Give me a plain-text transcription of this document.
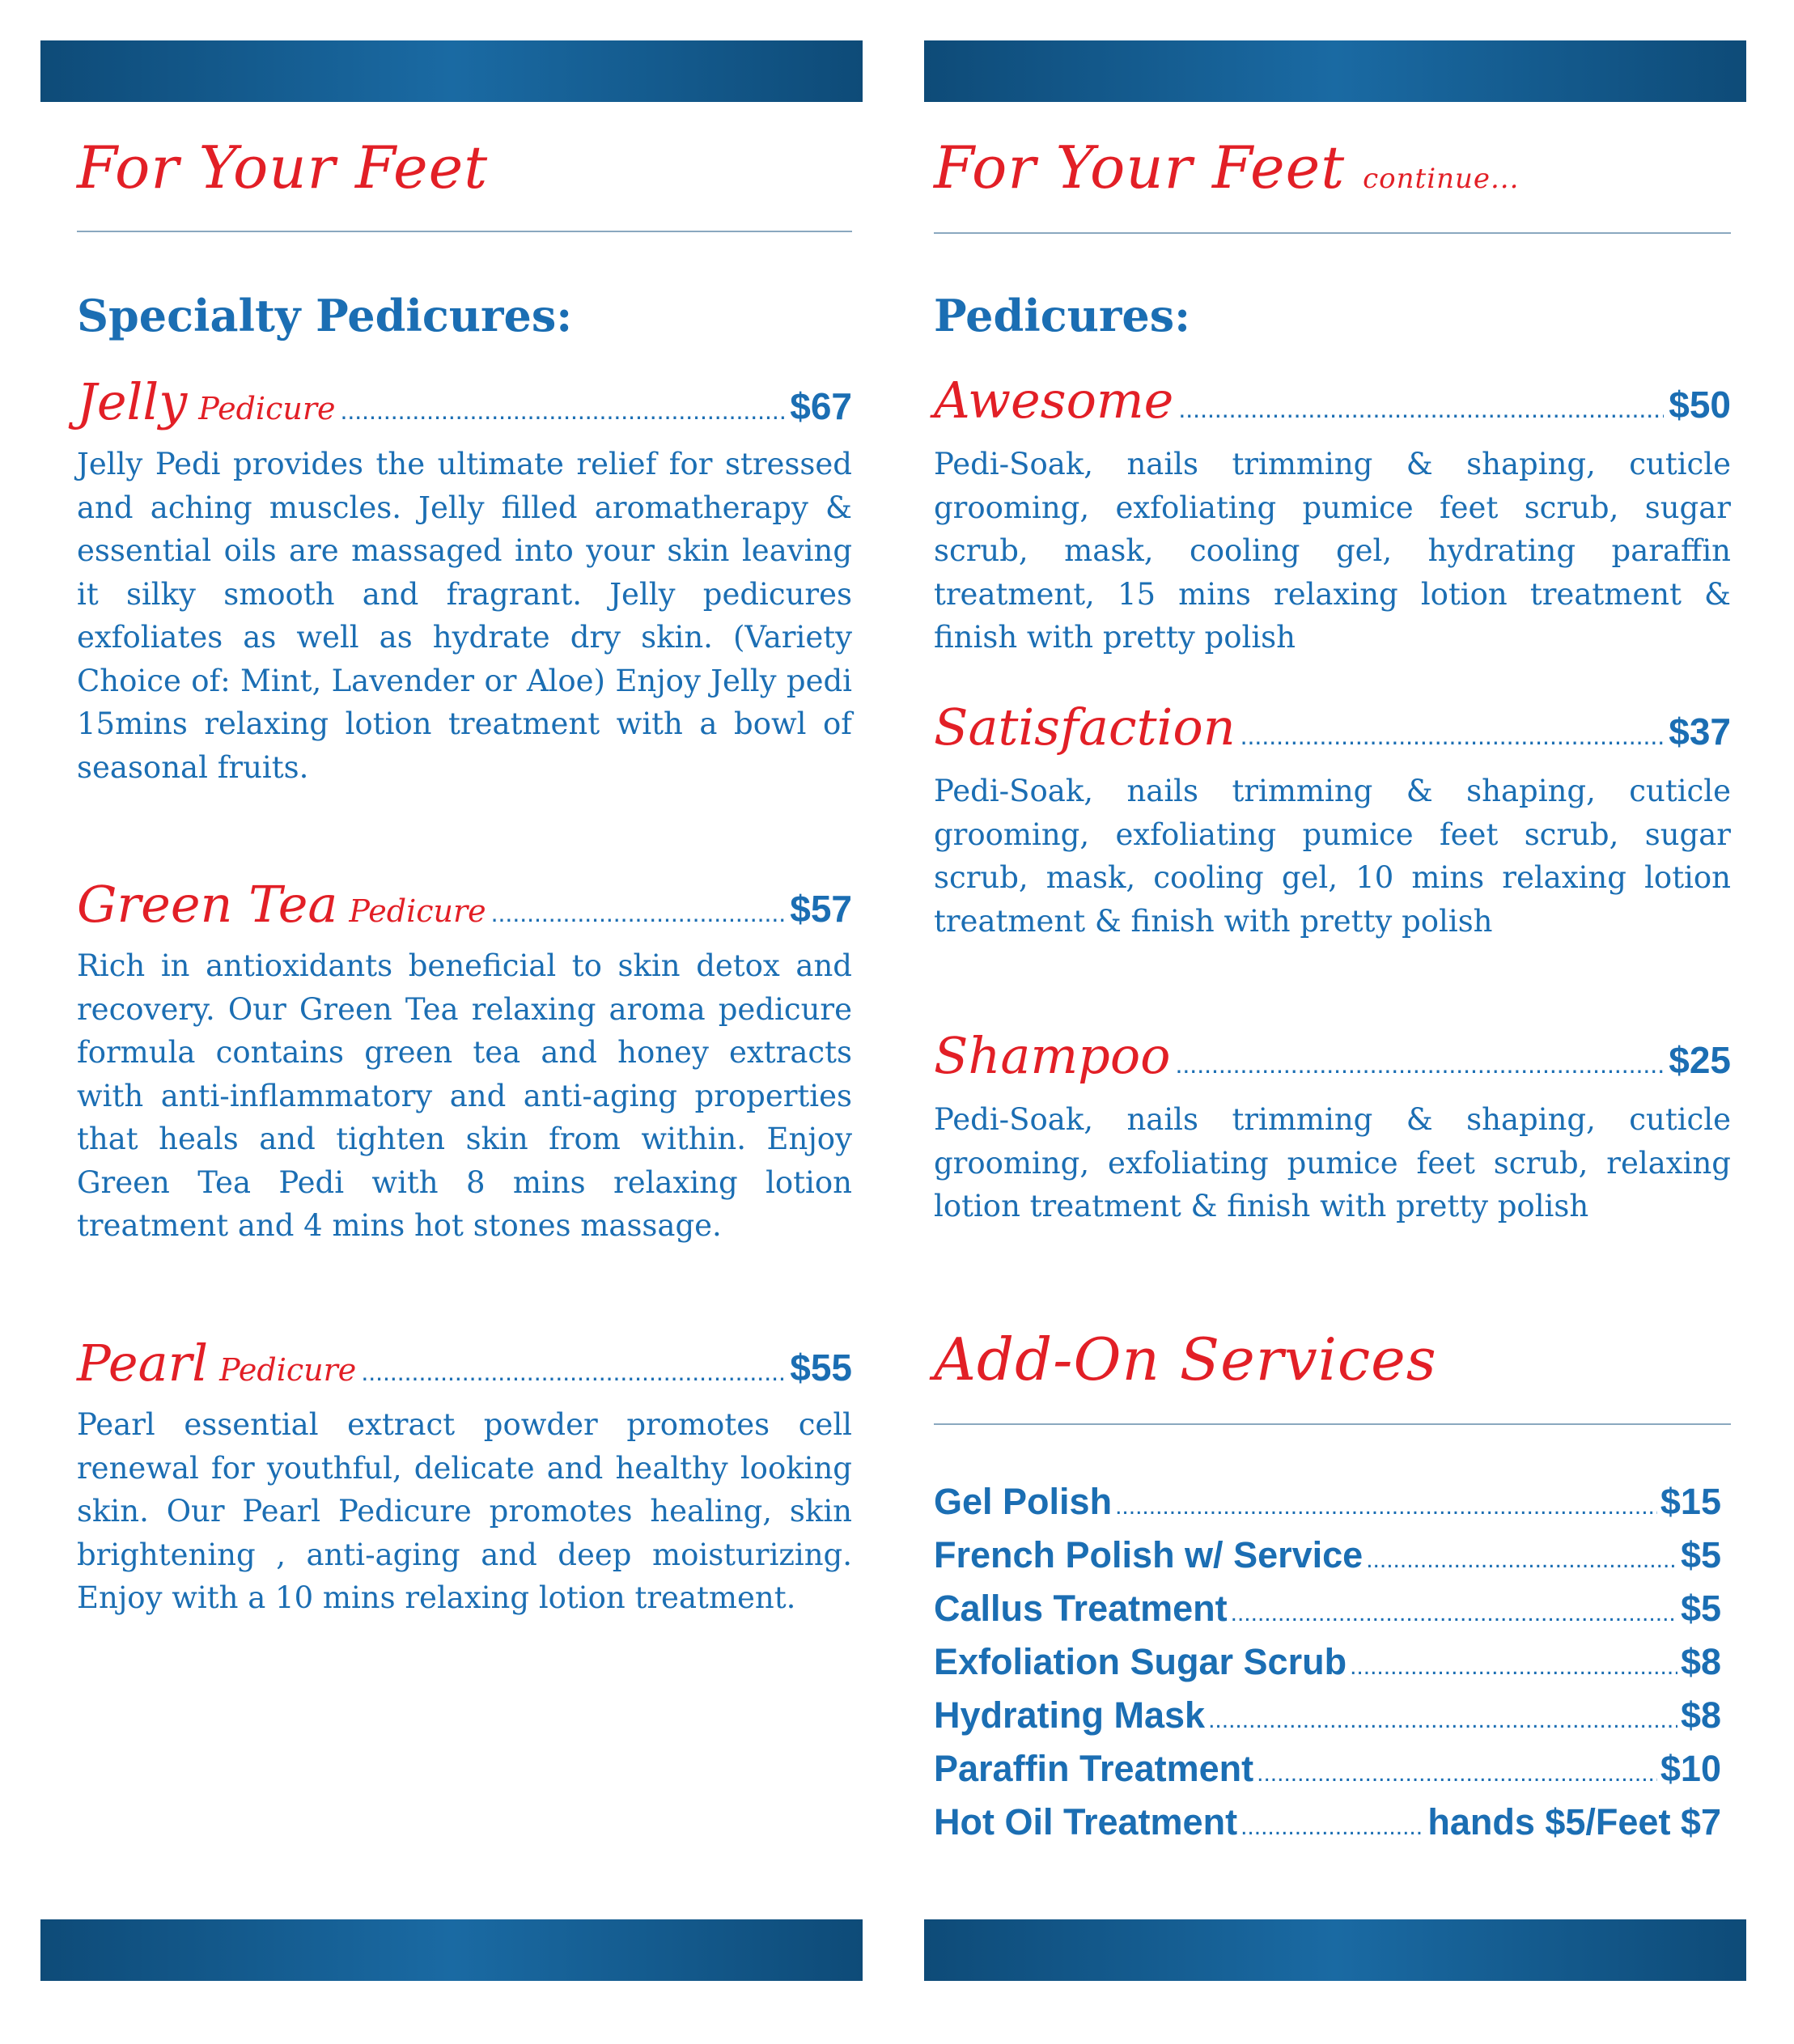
For Your Feet
Specialty Pedicures:
Jelly Pedicure .....	$67
Jelly Pedi provides the ultimate relief for stressed and aching muscles. Jelly filled aromatherapy & essential oils are massaged into your skin leaving it silky smooth and fragrant. Jelly pedicures exfoliates as well as hydrate dry skin. (Variety Choice of: Mint, Lavender or Aloe) Enjoy Jelly pedi 15mins relaxing lotion treatment with a bowl of seasonal fruits.
Green Tea Pedicure .....	$57
Rich in antioxidants beneficial to skin detox and recovery. Our Green Tea relaxing aroma pedicure formula contains green tea and honey extracts with anti-inflammatory and anti-aging properties that heals and tighten skin from within. Enjoy Green Tea Pedi with 8 mins relaxing lotion treatment and 4 mins hot stones massage.
Pearl Pedicure .....	$55
Pearl essential extract powder promotes cell renewal for youthful, delicate and healthy looking skin. Our Pearl Pedicure promotes healing, skin brightening , anti-aging and deep moisturizing. Enjoy with a 10 mins relaxing lotion treatment.
For Your Feet continue...
Pedicures:
Awesome .....	$50
Pedi-Soak, nails trimming & shaping, cuticle grooming, exfoliating pumice feet scrub, sugar scrub, mask, cooling gel, hydrating paraffin treatment, 15 mins relaxing lotion treatment & finish with pretty polish
Satisfaction .....	$37
Pedi-Soak, nails trimming & shaping, cuticle grooming, exfoliating pumice feet scrub, sugar scrub, mask, cooling gel, 10 mins relaxing lotion treatment & finish with pretty polish
Shampoo .....	$25
Pedi-Soak, nails trimming & shaping, cuticle grooming, exfoliating pumice feet scrub, relaxing lotion treatment & finish with pretty polish
Add-On Services
Gel Polish .....	$15
French Polish w/ Service .....	$5
Callus Treatment .....	$5
Exfoliation Sugar Scrub .....	$8
Hydrating Mask .....	$8
Paraffin Treatment .....	$10
Hot Oil Treatment .....	hands $5/Feet $7
